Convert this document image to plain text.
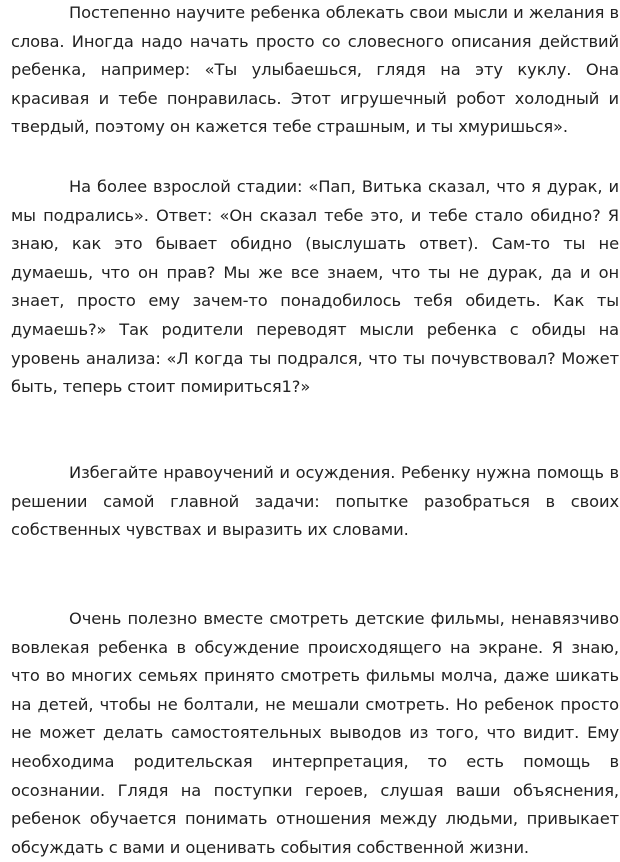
Постепенно научите ребенка облекать свои мысли и желания в слова. Иногда надо начать просто со словесного описания действий ребенка, например: «Ты улыбаешься, глядя на эту куклу. Она красивая и тебе понравилась. Этот игрушечный робот холодный и твердый, поэтому он кажется тебе страшным, и ты хмуришься».

На более взрослой стадии: «Пап, Витька сказал, что я дурак, и мы подрались». Ответ: «Он сказал тебе это, и тебе стало обидно? Я знаю, как это бывает обидно (выслушать ответ). Сам-то ты не думаешь, что он прав? Мы же все знаем, что ты не дурак, да и он знает, просто ему зачем-то понадобилось тебя обидеть. Как ты думаешь?» Так родители переводят мысли ребенка с обиды на уровень анализа: «Л когда ты подрался, что ты почувствовал? Может быть, теперь стоит помириться1?»

Избегайте нравоучений и осуждения. Ребенку нужна помощь в решении самой главной задачи: попытке разобраться в своих собственных чувствах и выразить их словами.

Очень полезно вместе смотреть детские фильмы, ненавязчиво вовлекая ребенка в обсуждение происходящего на экране. Я знаю, что во многих семьях принято смотреть фильмы молча, даже шикать на детей, чтобы не болтали, не мешали смотреть. Но ребенок просто не может делать самостоятельных выводов из того, что видит. Ему необходима родительская интерпретация, то есть помощь в осознании. Глядя на поступки героев, слушая ваши объяснения, ребенок обучается понимать отношения между людьми, привыкает обсуждать с вами и оценивать события собственной жизни.
